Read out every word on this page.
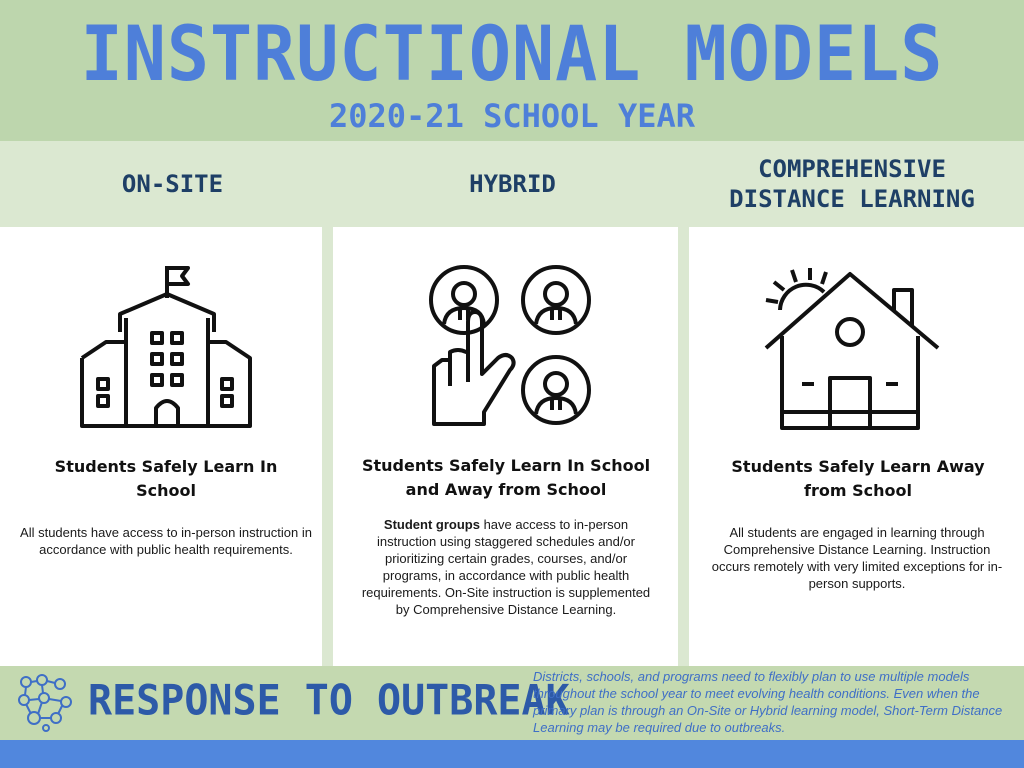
INSTRUCTIONAL MODELS
2020-21 SCHOOL YEAR
ON-SITE	HYBRID
COMPREHENSIVE
DISTANCE LEARNING
Students Safely Learn In School
All students have access to in-person instruction in accordance with public health requirements.
Students Safely Learn In School and Away from School
Student groups have access to in-person instruction using staggered schedules and/or prioritizing certain grades, courses, and/or programs, in accordance with public health requirements. On-Site instruction is supplemented by Comprehensive Distance Learning.
Students Safely Learn Away from School
All students are engaged in learning through Comprehensive Distance Learning. Instruction occurs remotely with very limited exceptions for in-person supports.
RESPONSE TO OUTBREAK
Districts, schools, and programs need to flexibly plan to use multiple models throughout the school year to meet evolving health conditions. Even when the primary plan is through an On-Site or Hybrid learning model, Short-Term Distance Learning may be required due to outbreaks.
